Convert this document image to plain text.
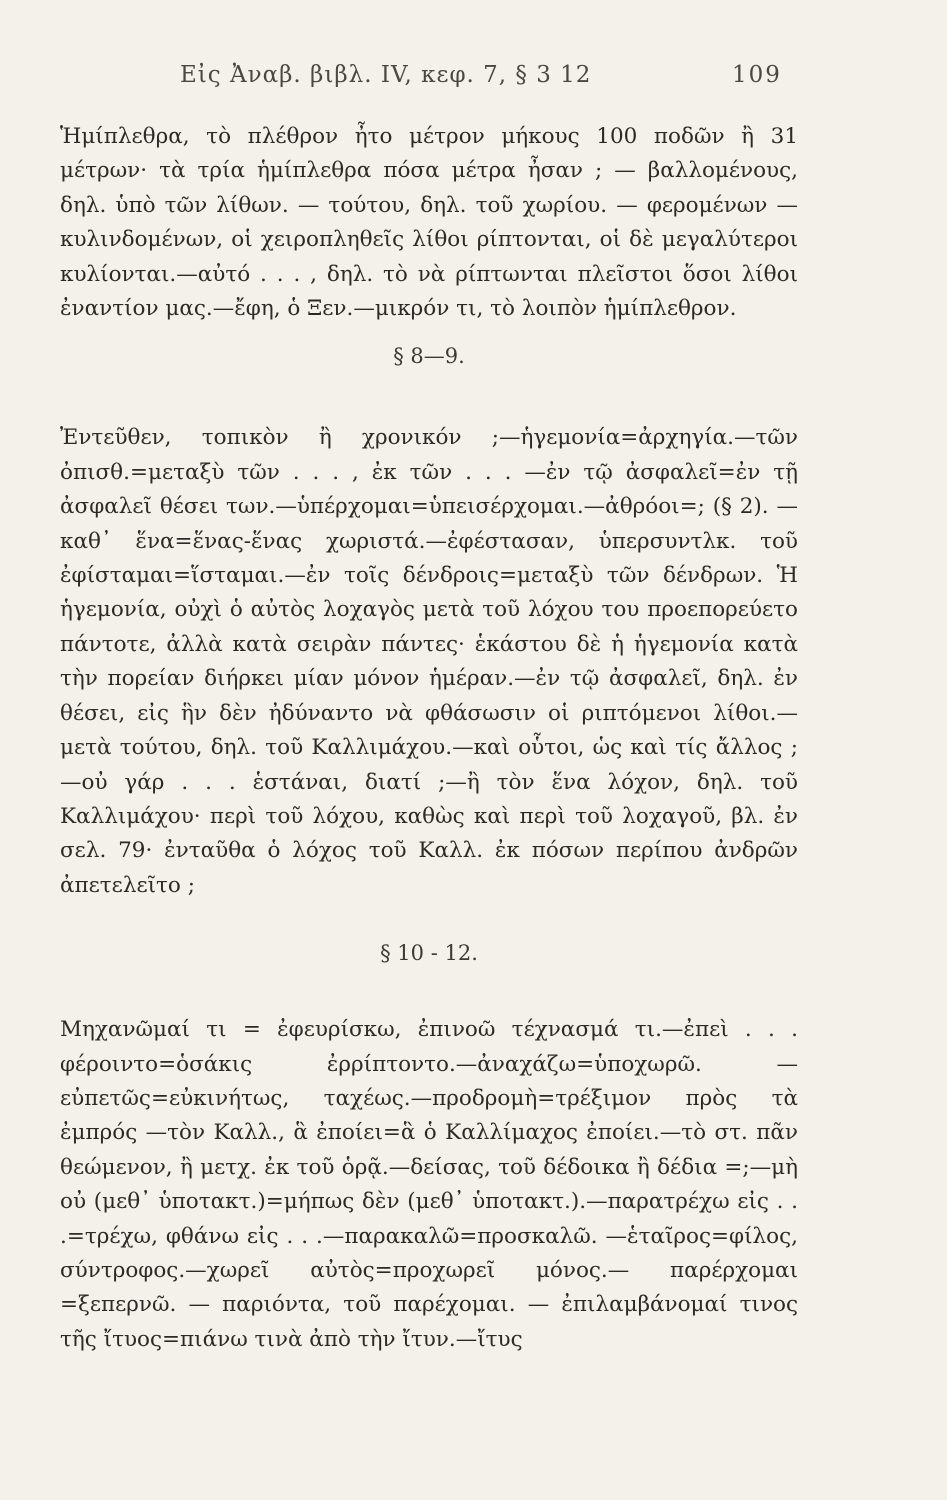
Εἰς Ἀναβ. βιβλ. IV, κεφ. 7, § 3 12	109

Ἡμίπλεθρα, τὸ πλέθρον ἦτο μέτρον μήκους 100 ποδῶν ἢ 31 μέτρων· τὰ τρία ἡμίπλεθρα πόσα μέτρα ἦσαν ; — βαλλομένους, δηλ. ὑπὸ τῶν λίθων. — τούτου, δηλ. τοῦ χωρίου. — φερομένων — κυλινδομένων, οἱ χειροπληθεῖς λίθοι ρίπτονται, οἱ δὲ μεγαλύτεροι κυλίονται.—αὐτό . . . , δηλ. τὸ νὰ ρίπτωνται πλεῖστοι ὅσοι λίθοι ἐναντίον μας.—ἔφη, ὁ Ξεν.—μικρόν τι, τὸ λοιπὸν ἡμίπλεθρον.

§ 8—9.

Ἐντεῦθεν, τοπικὸν ἢ χρονικόν ;—ἡγεμονία=ἀρχηγία.—τῶν ὀπισθ.=μεταξὺ τῶν . . . , ἐκ τῶν . . . —ἐν τῷ ἀσφαλεῖ=ἐν τῇ ἀσφαλεῖ θέσει των.—ὑπέρχομαι=ὑπεισέρχομαι.—ἀθρόοι=; (§ 2). —καθ᾽ ἕνα=ἕνας-ἕνας χωριστά.—ἐφέστασαν, ὑπερσυντλκ. τοῦ ἐφίσταμαι=ἵσταμαι.—ἐν τοῖς δένδροις=μεταξὺ τῶν δένδρων. Ἡ ἡγεμονία, οὐχὶ ὁ αὐτὸς λοχαγὸς μετὰ τοῦ λόχου του προεπορεύετο πάντοτε, ἀλλὰ κατὰ σειρὰν πάντες· ἑκάστου δὲ ἡ ἡγεμονία κατὰ τὴν πορείαν διήρκει μίαν μόνον ἡμέραν.—ἐν τῷ ἀσφαλεῖ, δηλ. ἐν θέσει, εἰς ἣν δὲν ἠδύναντο νὰ φθάσωσιν οἱ ριπτόμενοι λίθοι.—μετὰ τούτου, δηλ. τοῦ Καλλιμάχου.—καὶ οὗτοι, ὡς καὶ τίς ἄλλος ;—οὐ γάρ . . . ἑστάναι, διατί ;—ἢ τὸν ἕνα λόχον, δηλ. τοῦ Καλλιμάχου· περὶ τοῦ λόχου, καθὼς καὶ περὶ τοῦ λοχαγοῦ, βλ. ἐν σελ. 79· ἐνταῦθα ὁ λόχος τοῦ Καλλ. ἐκ πόσων περίπου ἀνδρῶν ἀπετελεῖτο ;

§ 10 - 12.

Μηχανῶμαί τι = ἐφευρίσκω, ἐπινοῶ τέχνασμά τι.—ἐπεὶ . . . φέροιντο=ὁσάκις ἐρρίπτοντο.—ἀναχάζω=ὑποχωρῶ. — εὐπετῶς=εὐκινήτως, ταχέως.—προδρομὴ=τρέξιμον πρὸς τὰ ἐμπρός —τὸν Καλλ., ἃ ἐποίει=ἃ ὁ Καλλίμαχος ἐποίει.—τὸ στ. πᾶν θεώμενον, ἢ μετχ. ἐκ τοῦ ὁρᾷ.—δείσας, τοῦ δέδοικα ἢ δέδια =;—μὴ οὐ (μεθ᾽ ὑποτακτ.)=μήπως δὲν (μεθ᾽ ὑποτακτ.).—παρατρέχω εἰς . . .=τρέχω, φθάνω εἰς . . .—παρακαλῶ=προσκαλῶ. —ἑταῖρος=φίλος, σύντροφος.—χωρεῖ αὐτὸς=προχωρεῖ μόνος.— παρέρχομαι =ξεπερνῶ. — παριόντα, τοῦ παρέχομαι. — ἐπιλαμβάνομαί τινος τῆς ἴτυος=πιάνω τινὰ ἀπὸ τὴν ἴτυν.—ἴτυς
